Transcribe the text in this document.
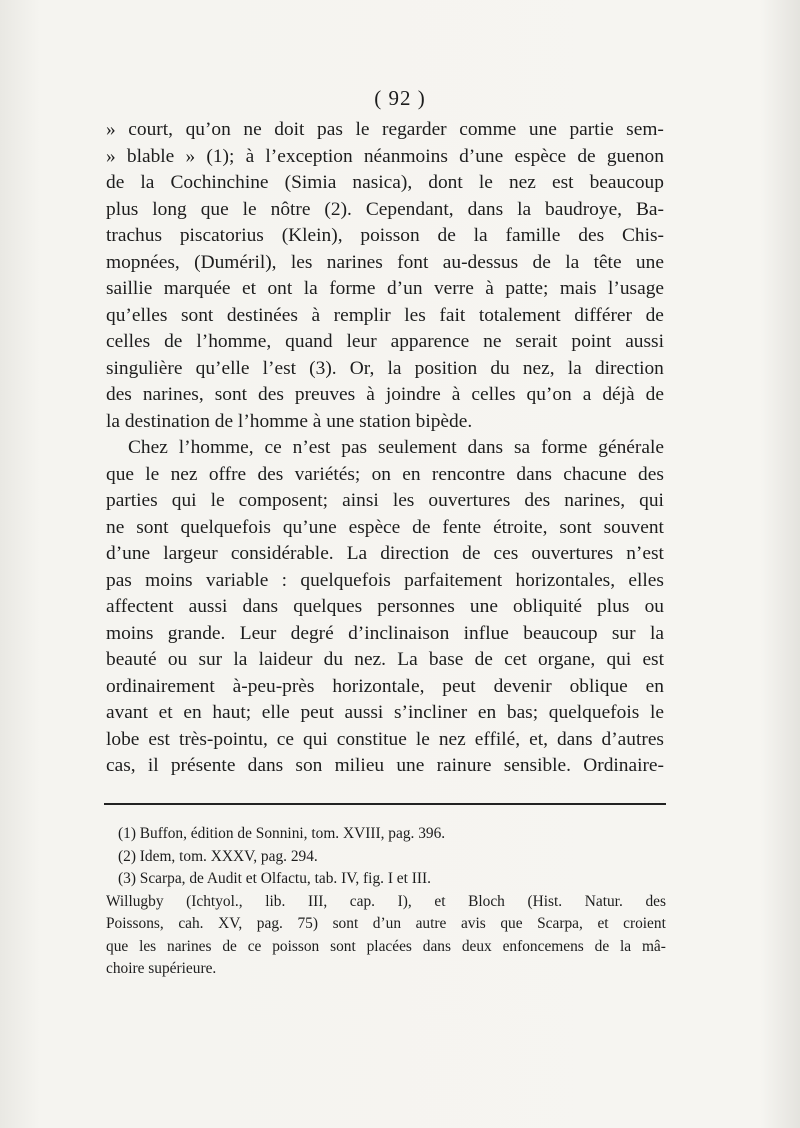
( 92 )
» court, qu’on ne doit pas le regarder comme une partie sem-
» blable » (1); à l’exception néanmoins d’une espèce de guenon
de la Cochinchine (Simia nasica), dont le nez est beaucoup
plus long que le nôtre (2). Cependant, dans la baudroye, Ba-
trachus piscatorius (Klein), poisson de la famille des Chis-
mopnées, (Duméril), les narines font au-dessus de la tête une
saillie marquée et ont la forme d’un verre à patte; mais l’usage
qu’elles sont destinées à remplir les fait totalement différer de
celles de l’homme, quand leur apparence ne serait point aussi
singulière qu’elle l’est (3). Or, la position du nez, la direction
des narines, sont des preuves à joindre à celles qu’on a déjà de
la destination de l’homme à une station bipède.
Chez l’homme, ce n’est pas seulement dans sa forme générale
que le nez offre des variétés; on en rencontre dans chacune des
parties qui le composent; ainsi les ouvertures des narines, qui
ne sont quelquefois qu’une espèce de fente étroite, sont souvent
d’une largeur considérable. La direction de ces ouvertures n’est
pas moins variable : quelquefois parfaitement horizontales, elles
affectent aussi dans quelques personnes une obliquité plus ou
moins grande. Leur degré d’inclinaison influe beaucoup sur la
beauté ou sur la laideur du nez. La base de cet organe, qui est
ordinairement à-peu-près horizontale, peut devenir oblique en
avant et en haut; elle peut aussi s’incliner en bas; quelquefois le
lobe est très-pointu, ce qui constitue le nez effilé, et, dans d’autres
cas, il présente dans son milieu une rainure sensible. Ordinaire-
(1) Buffon, édition de Sonnini, tom. XVIII, pag. 396.
(2) Idem, tom. XXXV, pag. 294.
(3) Scarpa, de Audit et Olfactu, tab. IV, fig. I et III.
Willugby (Ichtyol., lib. III, cap. I), et Bloch (Hist. Natur. des
Poissons, cah. XV, pag. 75) sont d’un autre avis que Scarpa, et croient
que les narines de ce poisson sont placées dans deux enfoncemens de la mâ-
choire supérieure.
